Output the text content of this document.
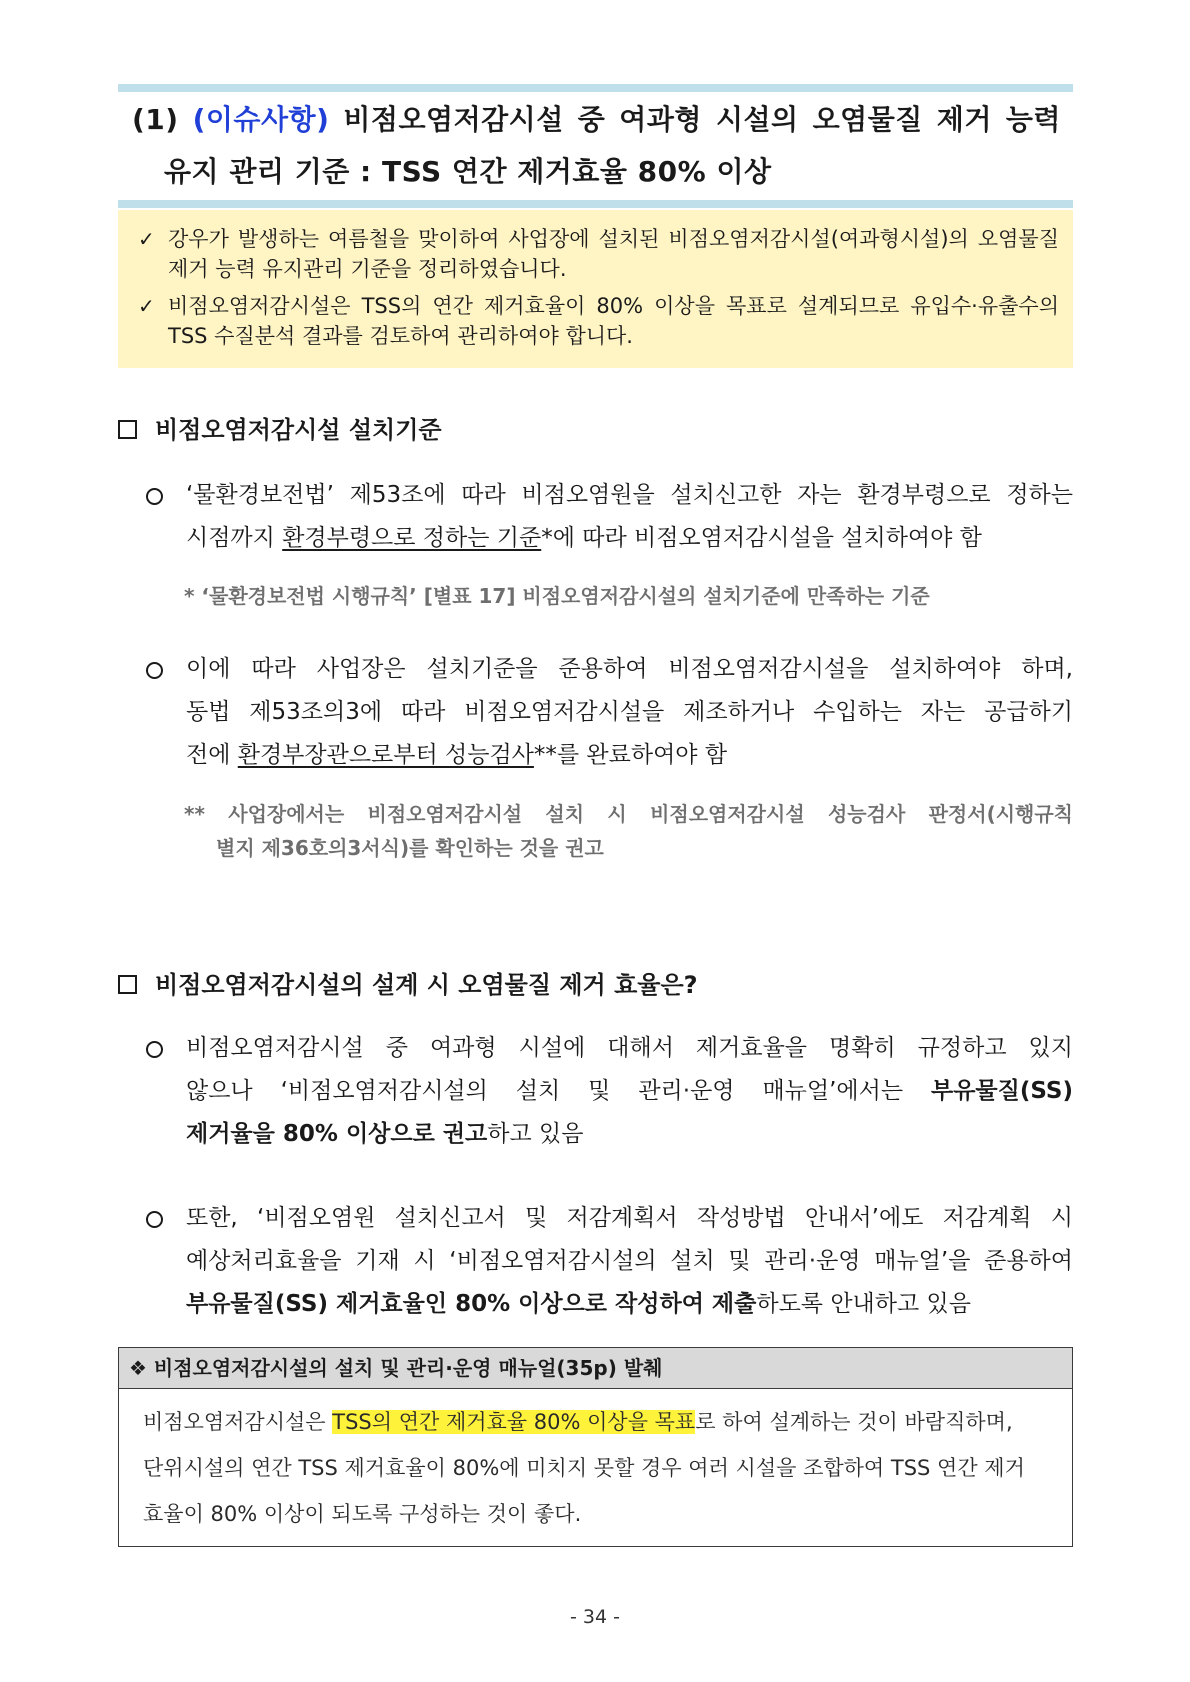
(1) (이슈사항) 비점오염저감시설 중 여과형 시설의 오염물질 제거 능력
유지 관리 기준 : TSS 연간 제거효율 80% 이상
✓ 강우가 발생하는 여름철을 맞이하여 사업장에 설치된 비점오염저감시설(여과형시설)의 오염물질 제거 능력 유지관리 기준을 정리하였습니다.
✓ 비점오염저감시설은 TSS의 연간 제거효율이 80% 이상을 목표로 설계되므로 유입수·유출수의 TSS 수질분석 결과를 검토하여 관리하여야 합니다.
비점오염저감시설 설치기준
‘물환경보전법’ 제53조에 따라 비점오염원을 설치신고한 자는 환경부령으로 정하는
시점까지 환경부령으로 정하는 기준*에 따라 비점오염저감시설을 설치하여야 함
* ‘물환경보전법 시행규칙’ [별표 17] 비점오염저감시설의 설치기준에 만족하는 기준
이에 따라 사업장은 설치기준을 준용하여 비점오염저감시설을 설치하여야 하며,
동법 제53조의3에 따라 비점오염저감시설을 제조하거나 수입하는 자는 공급하기
전에 환경부장관으로부터 성능검사**를 완료하여야 함
** 사업장에서는 비점오염저감시설 설치 시 비점오염저감시설 성능검사 판정서(시행규칙
별지 제36호의3서식)를 확인하는 것을 권고
비점오염저감시설의 설계 시 오염물질 제거 효율은?
비점오염저감시설 중 여과형 시설에 대해서 제거효율을 명확히 규정하고 있지
않으나 ‘비점오염저감시설의 설치 및 관리·운영 매뉴얼’에서는 부유물질(SS)
제거율을 80% 이상으로 권고하고 있음
또한, ‘비점오염원 설치신고서 및 저감계획서 작성방법 안내서’에도 저감계획 시
예상처리효율을 기재 시 ‘비점오염저감시설의 설치 및 관리·운영 매뉴얼’을 준용하여
부유물질(SS) 제거효율인 80% 이상으로 작성하여 제출하도록 안내하고 있음
❖ 비점오염저감시설의 설치 및 관리·운영 매뉴얼(35p) 발췌
비점오염저감시설은 TSS의 연간 제거효율 80% 이상을 목표로 하여 설계하는 것이 바람직하며,
단위시설의 연간 TSS 제거효율이 80%에 미치지 못할 경우 여러 시설을 조합하여 TSS 연간 제거
효율이 80% 이상이 되도록 구성하는 것이 좋다.
- 34 -
